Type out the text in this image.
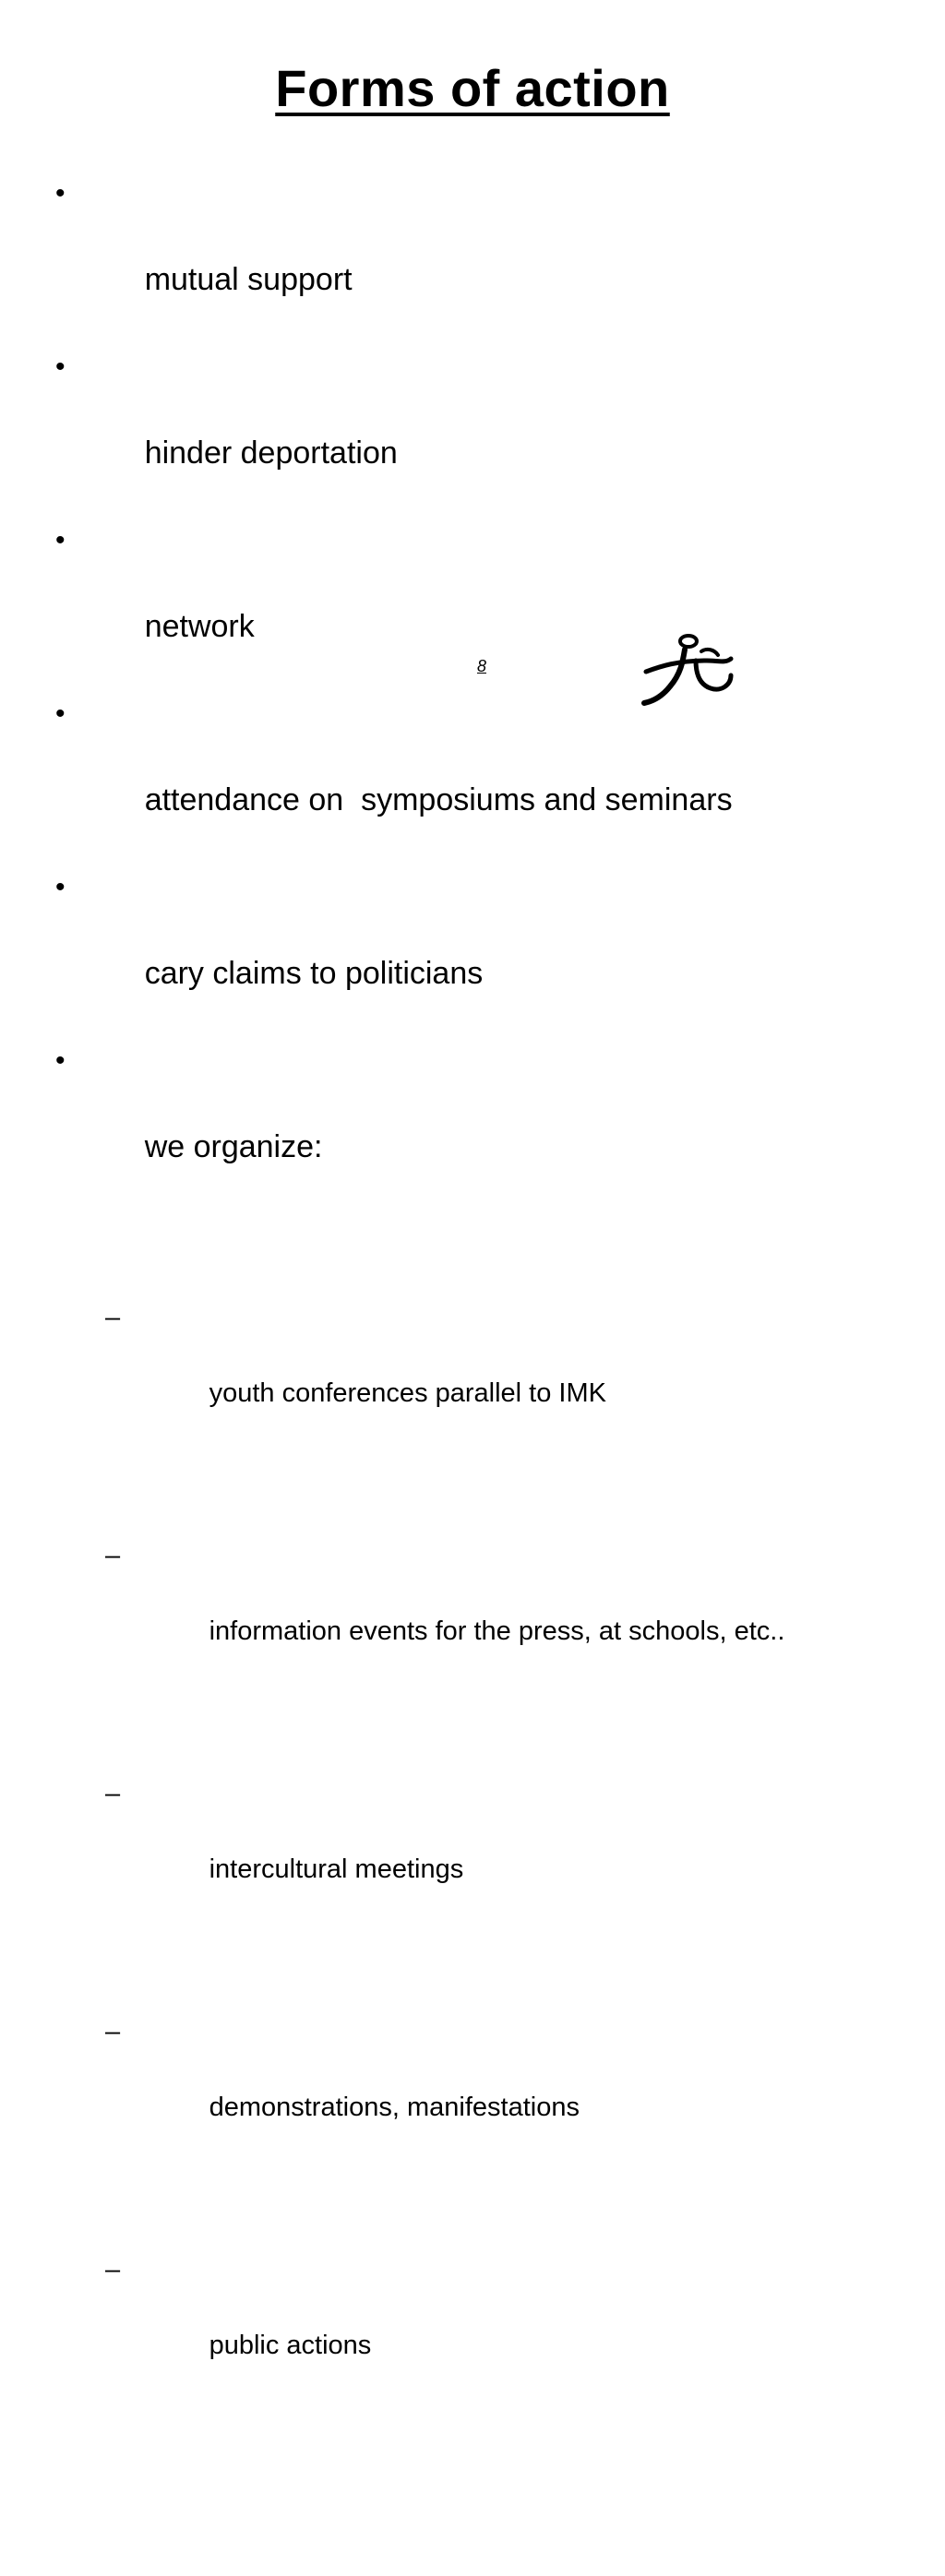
Forms of action

•

mutual support

•

hinder deportation

•

network

•

attendance on  symposiums and seminars

•

cary claims to politicians

•

we organize:

–

youth conferences parallel to IMK

–

information events for the press, at schools, etc..

–

intercultural meetings

–

demonstrations, manifestations

–

public actions

8
